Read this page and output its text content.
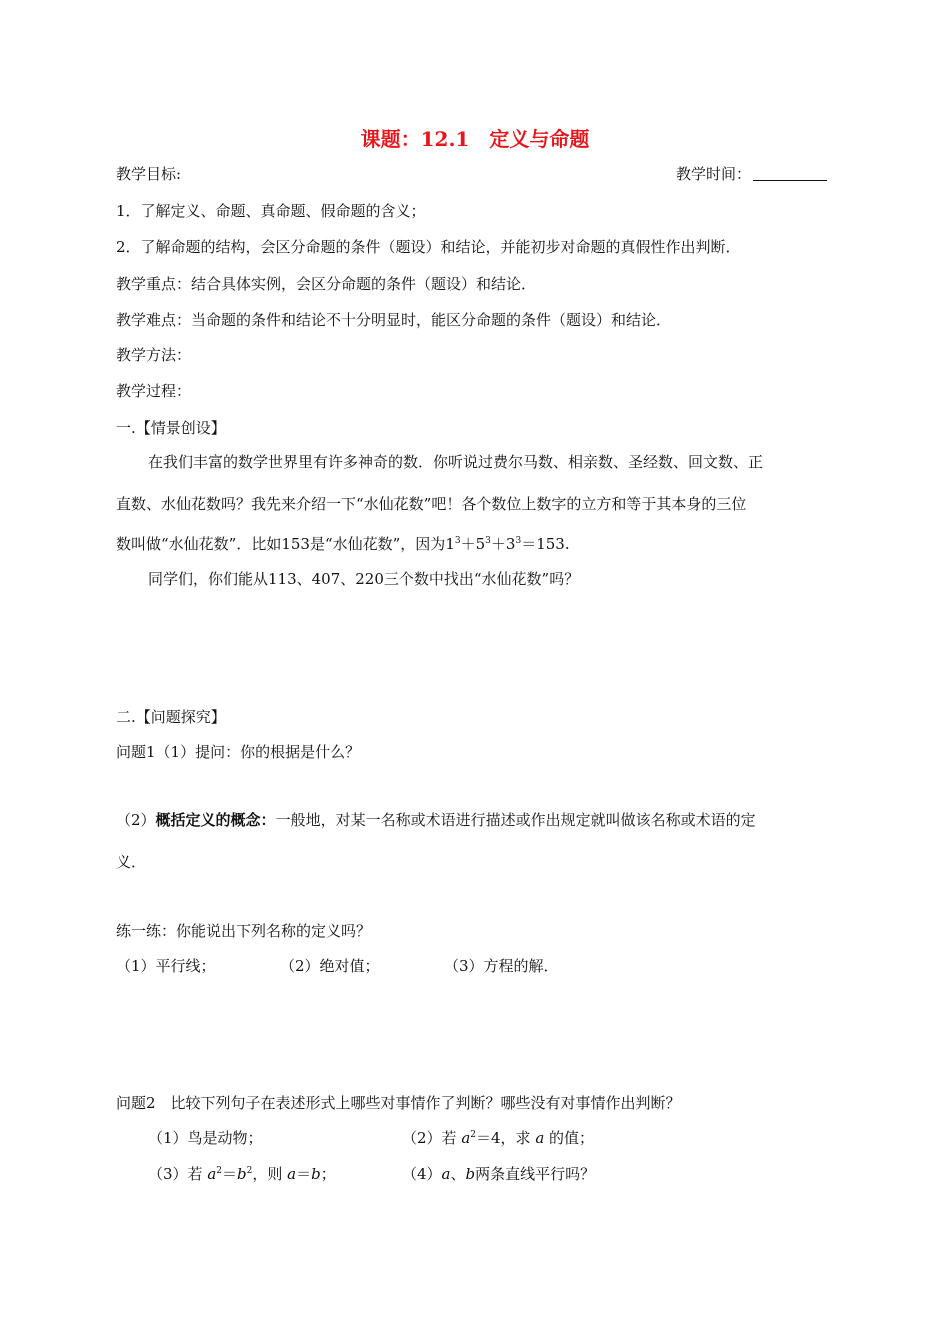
课题：12.1　定义与命题
教学目标:	教学时间：
1．了解定义、命题、真命题、假命题的含义；
2．了解命题的结构，会区分命题的条件（题设）和结论，并能初步对命题的真假性作出判断．
教学重点：结合具体实例，会区分命题的条件（题设）和结论．
教学难点：当命题的条件和结论不十分明显时，能区分命题的条件（题设）和结论．
教学方法：
教学过程：
一.【情景创设】
在我们丰富的数学世界里有许多神奇的数．你听说过费尔马数、相亲数、圣经数、回文数、正
直数、水仙花数吗？我先来介绍一下“水仙花数”吧！各个数位上数字的立方和等于其本身的三位
数叫做“水仙花数”．比如153是“水仙花数”，因为$1^3+5^3+3^3=153$.
同学们，你们能从113、407、220三个数中找出“水仙花数”吗？
二.【问题探究】
问题1（1）提问：你的根据是什么？
（2）概括定义的概念：一般地，对某一名称或术语进行描述或作出规定就叫做该名称或术语的定
义．
练一练：你能说出下列名称的定义吗？
（1）平行线；	（2）绝对值；	（3）方程的解．
问题2　比较下列句子在表述形式上哪些对事情作了判断？哪些没有对事情作出判断？
（1）鸟是动物；	（2）若 $a^2=4$，求 a 的值；
（3）若 $a^2=b^2$，则 a＝b；	（4）a、b两条直线平行吗？
